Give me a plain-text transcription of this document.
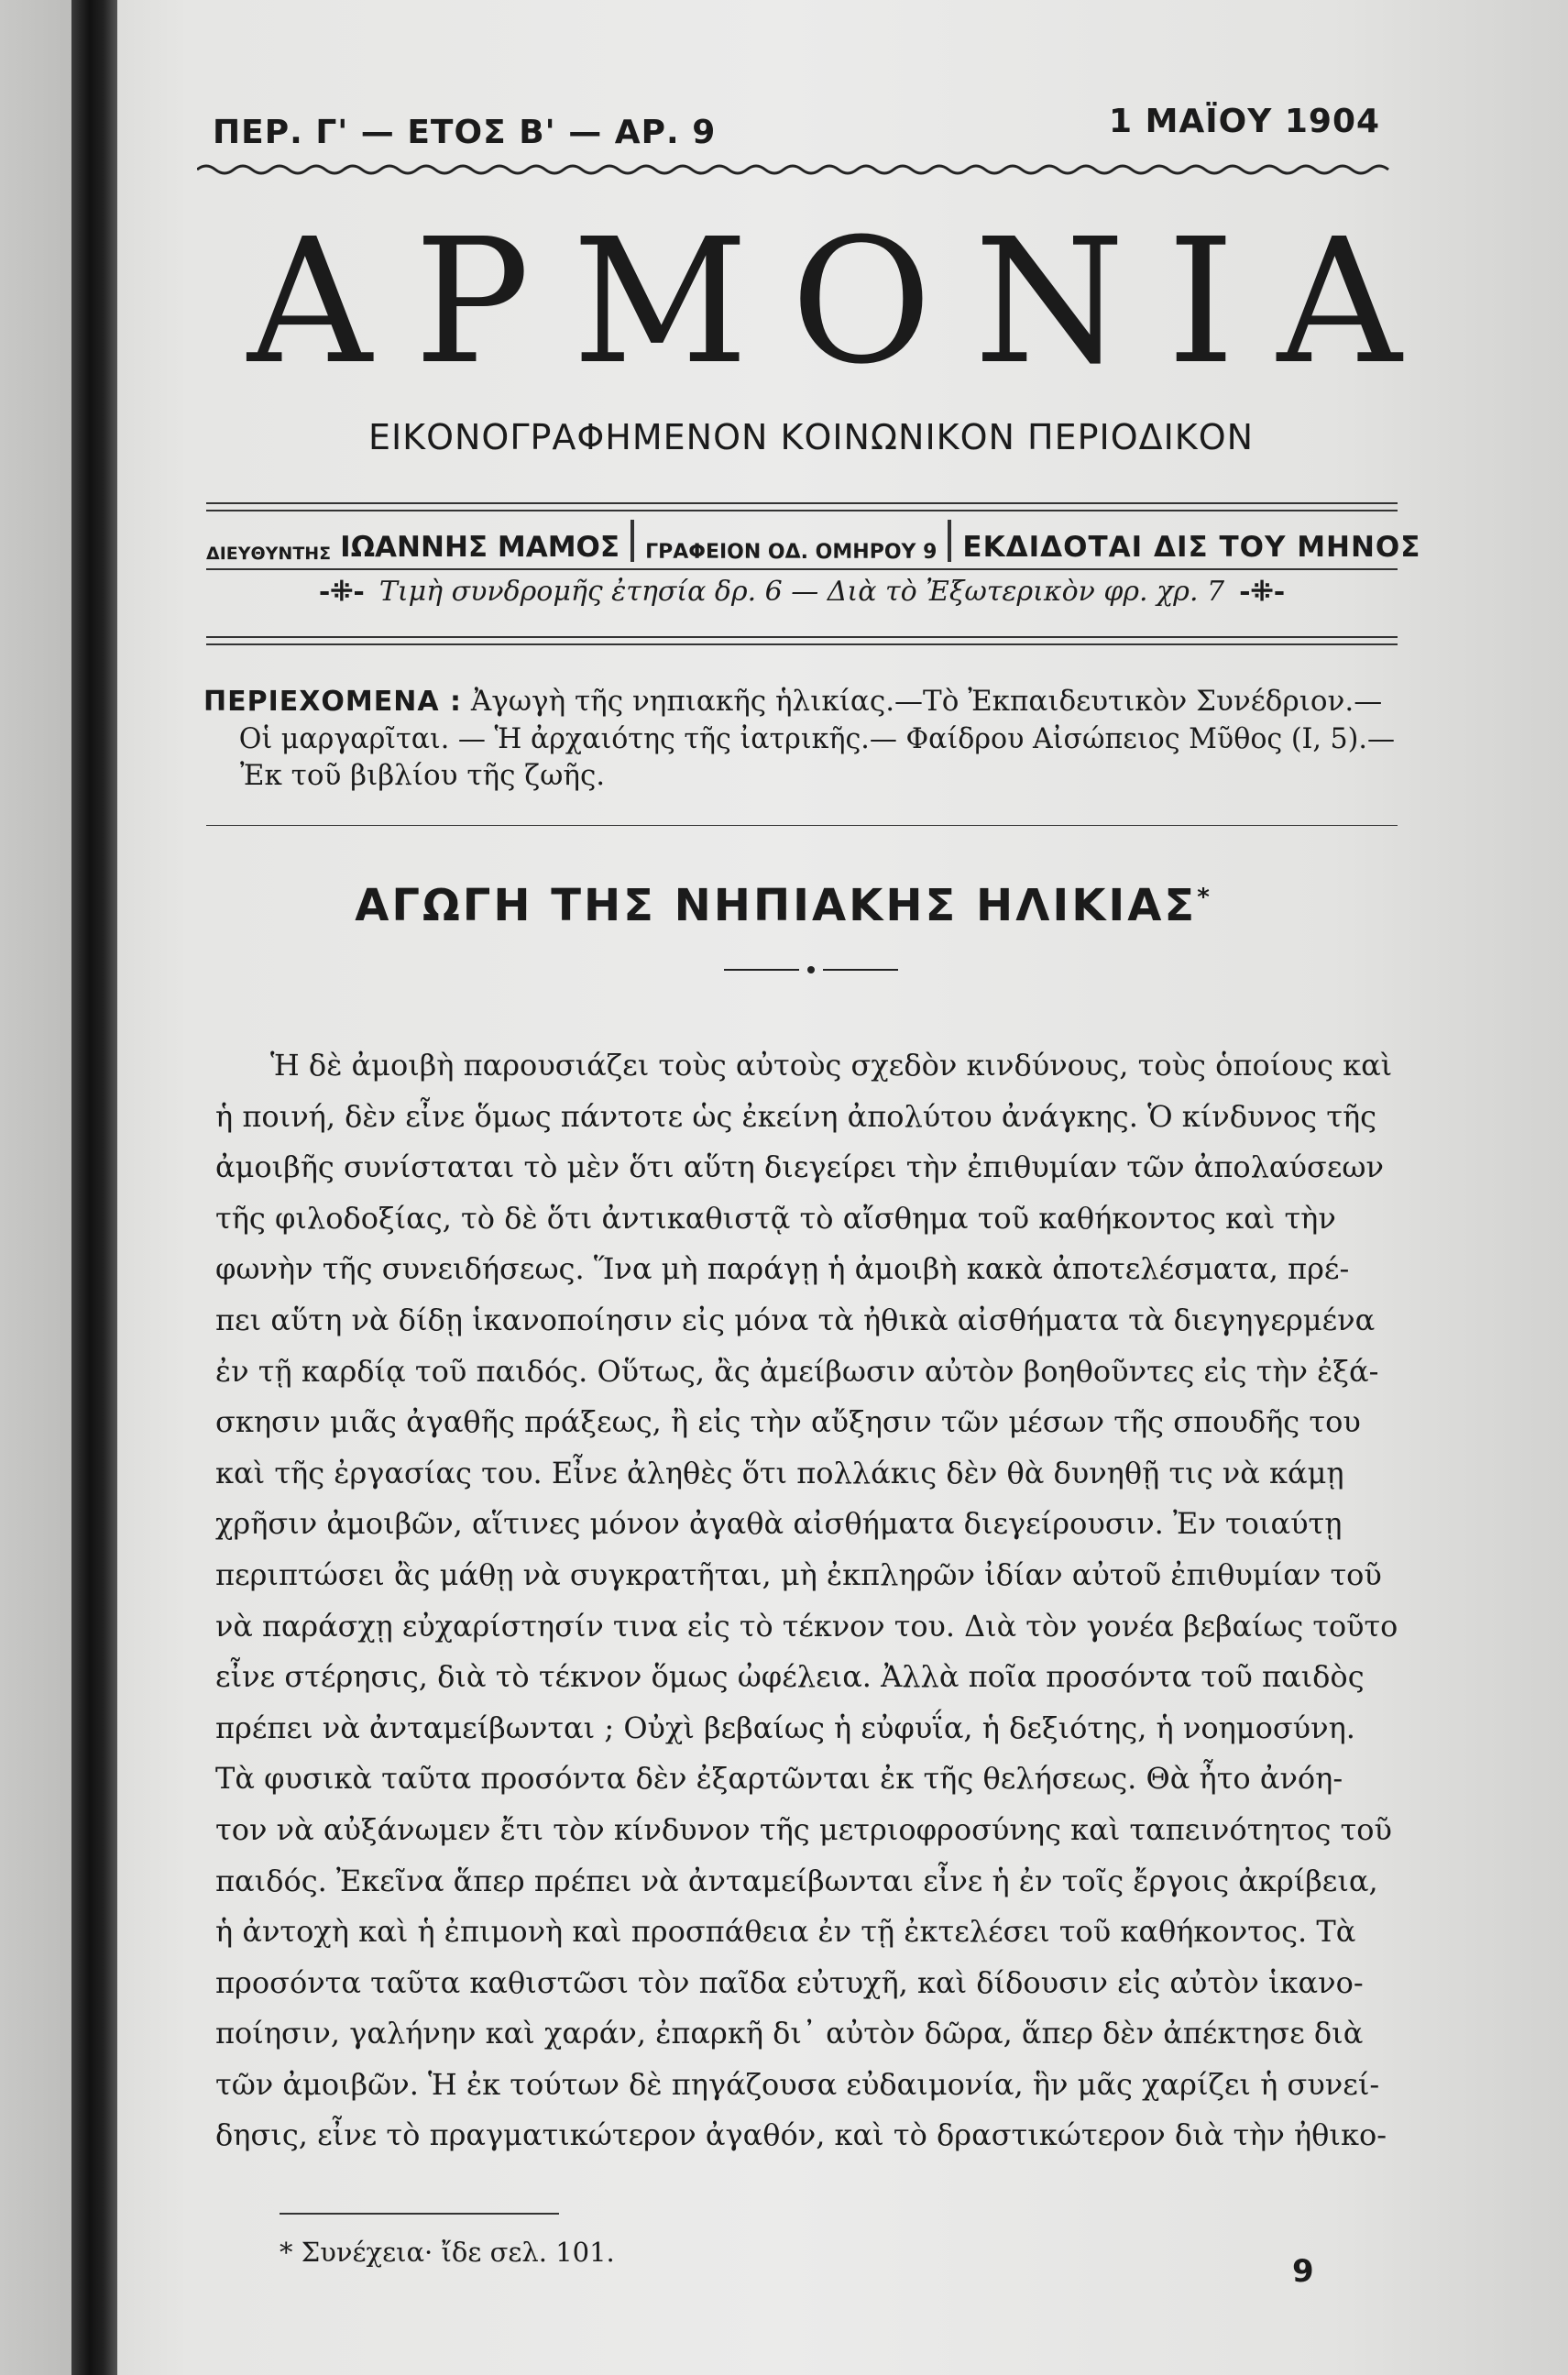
ΠΕΡ. Γ' — ΕΤΟΣ Β' — ΑΡ. 9	1 ΜΑΪΟΥ 1904
ΑΡΜΟΝΙΑ
ΕΙΚΟΝΟΓΡΑΦΗΜΕΝΟΝ ΚΟΙΝΩΝΙΚΟΝ ΠΕΡΙΟΔΙΚΟΝ
ΔΙΕΥΘΥΝΤΗΣ ΙΩΑΝΝΗΣ ΜΑΜΟΣ ΓΡΑΦΕΙΟΝ ΟΔ. ΟΜΗΡΟΥ 9 ΕΚΔΙΔΟΤΑΙ ΔΙΣ ΤΟΥ ΜΗΝΟΣ
-⁜- Τιμὴ συνδρομῆς ἐτησία δρ. 6 — Διὰ τὸ Ἐξωτερικὸν φρ. χρ. 7 -⁜-
ΠΕΡΙΕΧΟΜΕΝΑ : Ἀγωγὴ τῆς νηπιακῆς ἡλικίας.—Τὸ Ἐκπαιδευτικὸν Συνέδριον.—
Οἱ μαργαρῖται. — Ἡ ἀρχαιότης τῆς ἰατρικῆς.— Φαίδρου Αἰσώπειος Μῦθος (I, 5).—
Ἐκ τοῦ βιβλίου τῆς ζωῆς.
ΑΓΩΓΗ ΤΗΣ ΝΗΠΙΑΚΗΣ ΗΛΙΚΙΑΣ*
Ἡ δὲ ἀμοιβὴ παρουσιάζει τοὺς αὐτοὺς σχεδὸν κινδύνους, τοὺς ὁποίους καὶ
ἡ ποινή, δὲν εἶνε ὅμως πάντοτε ὡς ἐκείνη ἀπολύτου ἀνάγκης. Ὁ κίνδυνος τῆς
ἀμοιβῆς συνίσταται τὸ μὲν ὅτι αὕτη διεγείρει τὴν ἐπιθυμίαν τῶν ἀπολαύσεων
τῆς φιλοδοξίας, τὸ δὲ ὅτι ἀντικαθιστᾷ τὸ αἴσθημα τοῦ καθήκοντος καὶ τὴν
φωνὴν τῆς συνειδήσεως. Ἵνα μὴ παράγῃ ἡ ἀμοιβὴ κακὰ ἀποτελέσματα, πρέ-
πει αὕτη νὰ δίδῃ ἱκανοποίησιν εἰς μόνα τὰ ἠθικὰ αἰσθήματα τὰ διεγηγερμένα
ἐν τῇ καρδίᾳ τοῦ παιδός. Οὕτως, ἂς ἀμείβωσιν αὐτὸν βοηθοῦντες εἰς τὴν ἐξά-
σκησιν μιᾶς ἀγαθῆς πράξεως, ἢ εἰς τὴν αὔξησιν τῶν μέσων τῆς σπουδῆς του
καὶ τῆς ἐργασίας του. Εἶνε ἀληθὲς ὅτι πολλάκις δὲν θὰ δυνηθῇ τις νὰ κάμῃ
χρῆσιν ἀμοιβῶν, αἵτινες μόνον ἀγαθὰ αἰσθήματα διεγείρουσιν. Ἐν τοιαύτῃ
περιπτώσει ἂς μάθῃ νὰ συγκρατῆται, μὴ ἐκπληρῶν ἰδίαν αὐτοῦ ἐπιθυμίαν τοῦ
νὰ παράσχῃ εὐχαρίστησίν τινα εἰς τὸ τέκνον του. Διὰ τὸν γονέα βεβαίως τοῦτο
εἶνε στέρησις, διὰ τὸ τέκνον ὅμως ὠφέλεια. Ἀλλὰ ποῖα προσόντα τοῦ παιδὸς
πρέπει νὰ ἀνταμείβωνται ; Οὐχὶ βεβαίως ἡ εὐφυΐα, ἡ δεξιότης, ἡ νοημοσύνη.
Τὰ φυσικὰ ταῦτα προσόντα δὲν ἐξαρτῶνται ἐκ τῆς θελήσεως. Θὰ ἦτο ἀνόη-
τον νὰ αὐξάνωμεν ἔτι τὸν κίνδυνον τῆς μετριοφροσύνης καὶ ταπεινότητος τοῦ
παιδός. Ἐκεῖνα ἅπερ πρέπει νὰ ἀνταμείβωνται εἶνε ἡ ἐν τοῖς ἔργοις ἀκρίβεια,
ἡ ἀντοχὴ καὶ ἡ ἐπιμονὴ καὶ προσπάθεια ἐν τῇ ἐκτελέσει τοῦ καθήκοντος. Τὰ
προσόντα ταῦτα καθιστῶσι τὸν παῖδα εὐτυχῆ, καὶ δίδουσιν εἰς αὐτὸν ἱκανο-
ποίησιν, γαλήνην καὶ χαράν, ἐπαρκῆ δι᾽ αὐτὸν δῶρα, ἅπερ δὲν ἀπέκτησε διὰ
τῶν ἀμοιβῶν. Ἡ ἐκ τούτων δὲ πηγάζουσα εὐδαιμονία, ἣν μᾶς χαρίζει ἡ συνεί-
δησις, εἶνε τὸ πραγματικώτερον ἀγαθόν, καὶ τὸ δραστικώτερον διὰ τὴν ἠθικο-
* Συνέχεια· ἴδε σελ. 101.
9
